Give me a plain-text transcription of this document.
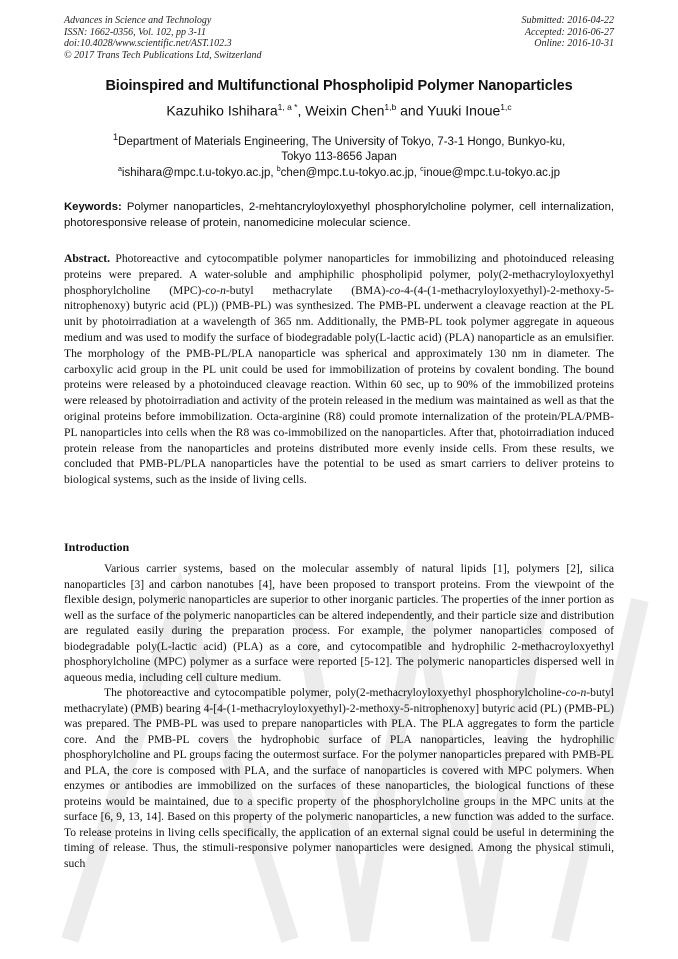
Advances in Science and Technology
ISSN: 1662-0356, Vol. 102, pp 3-11
doi:10.4028/www.scientific.net/AST.102.3
© 2017 Trans Tech Publications Ltd, Switzerland
Submitted: 2016-04-22
Accepted: 2016-06-27
Online: 2016-10-31
Bioinspired and Multifunctional Phospholipid Polymer Nanoparticles
Kazuhiko Ishihara$^{1, a *}$, Weixin Chen$^{1,b}$ and Yuuki Inoue$^{1,c}$
$^1$Department of Materials Engineering, The University of Tokyo, 7-3-1 Hongo, Bunkyo-ku,
Tokyo 113-8656 Japan
$^a$ishihara@mpc.t.u-tokyo.ac.jp, $^b$chen@mpc.t.u-tokyo.ac.jp, $^c$inoue@mpc.t.u-tokyo.ac.jp
Keywords: Polymer nanoparticles, 2-mehtancryloyloxyethyl phosphorylcholine polymer, cell internalization, photoresponsive release of protein, nanomedicine molecular science.
Abstract. Photoreactive and cytocompatible polymer nanoparticles for immobilizing and photoinduced releasing proteins were prepared. A water-soluble and amphiphilic phospholipid polymer, poly(2-methacryloyloxyethyl phosphorylcholine (MPC)-co-n-butyl methacrylate (BMA)-co-4-(4-(1-methacryloyloxyethyl)-2-methoxy-5-nitrophenoxy) butyric acid (PL)) (PMB-PL) was synthesized. The PMB-PL underwent a cleavage reaction at the PL unit by photoirradiation at a wavelength of 365 nm. Additionally, the PMB-PL took polymer aggregate in aqueous medium and was used to modify the surface of biodegradable poly(L-lactic acid) (PLA) nanoparticle as an emulsifier. The morphology of the PMB-PL/PLA nanoparticle was spherical and approximately 130 nm in diameter. The carboxylic acid group in the PL unit could be used for immobilization of proteins by covalent bonding. The bound proteins were released by a photoinduced cleavage reaction. Within 60 sec, up to 90% of the immobilized proteins were released by photoirradiation and activity of the protein released in the medium was maintained as well as that the original proteins before immobilization. Octa-arginine (R8) could promote internalization of the protein/PLA/PMB-PL nanoparticles into cells when the R8 was co-immobilized on the nanoparticles. After that, photoirradiation induced protein release from the nanoparticles and proteins distributed more evenly inside cells. From these results, we concluded that PMB-PL/PLA nanoparticles have the potential to be used as smart carriers to deliver proteins to biological systems, such as the inside of living cells.
Introduction

Various carrier systems, based on the molecular assembly of natural lipids [1], polymers [2], silica nanoparticles [3] and carbon nanotubes [4], have been proposed to transport proteins. From the viewpoint of the flexible design, polymeric nanoparticles are superior to other inorganic particles. The properties of the inner portion as well as the surface of the polymeric nanoparticles can be altered independently, and their particle size and distribution are regulated easily during the preparation process. For example, the polymer nanoparticles composed of biodegradable poly(L-lactic acid) (PLA) as a core, and cytocompatible and hydrophilic 2-methacroyloxyethyl phosphorylcholine (MPC) polymer as a surface were reported [5-12]. The polymeric nanoparticles dispersed well in aqueous media, including cell culture medium.

The photoreactive and cytocompatible polymer, poly(2-methacryloyloxyethyl phosphorylcholine-co-n-butyl methacrylate) (PMB) bearing 4-[4-(1-methacryloyloxyethyl)-2-methoxy-5-nitrophenoxy] butyric acid (PL) (PMB-PL) was prepared. The PMB-PL was used to prepare nanoparticles with PLA. The PLA aggregates to form the particle core. And the PMB-PL covers the hydrophobic surface of PLA nanoparticles, leaving the hydrophilic phosphorylcholine and PL groups facing the outermost surface. For the polymer nanoparticles prepared with PMB-PL and PLA, the core is composed with PLA, and the surface of nanoparticles is covered with MPC polymers. When enzymes or antibodies are immobilized on the surfaces of these nanoparticles, the biological functions of these proteins would be maintained, due to a specific property of the phosphorylcholine groups in the MPC units at the surface [6, 9, 13, 14]. Based on this property of the polymeric nanoparticles, a new function was added to the surface. To release proteins in living cells specifically, the application of an external signal could be useful in determining the timing of release. Thus, the stimuli-responsive polymer nanoparticles were designed. Among the physical stimuli, such
